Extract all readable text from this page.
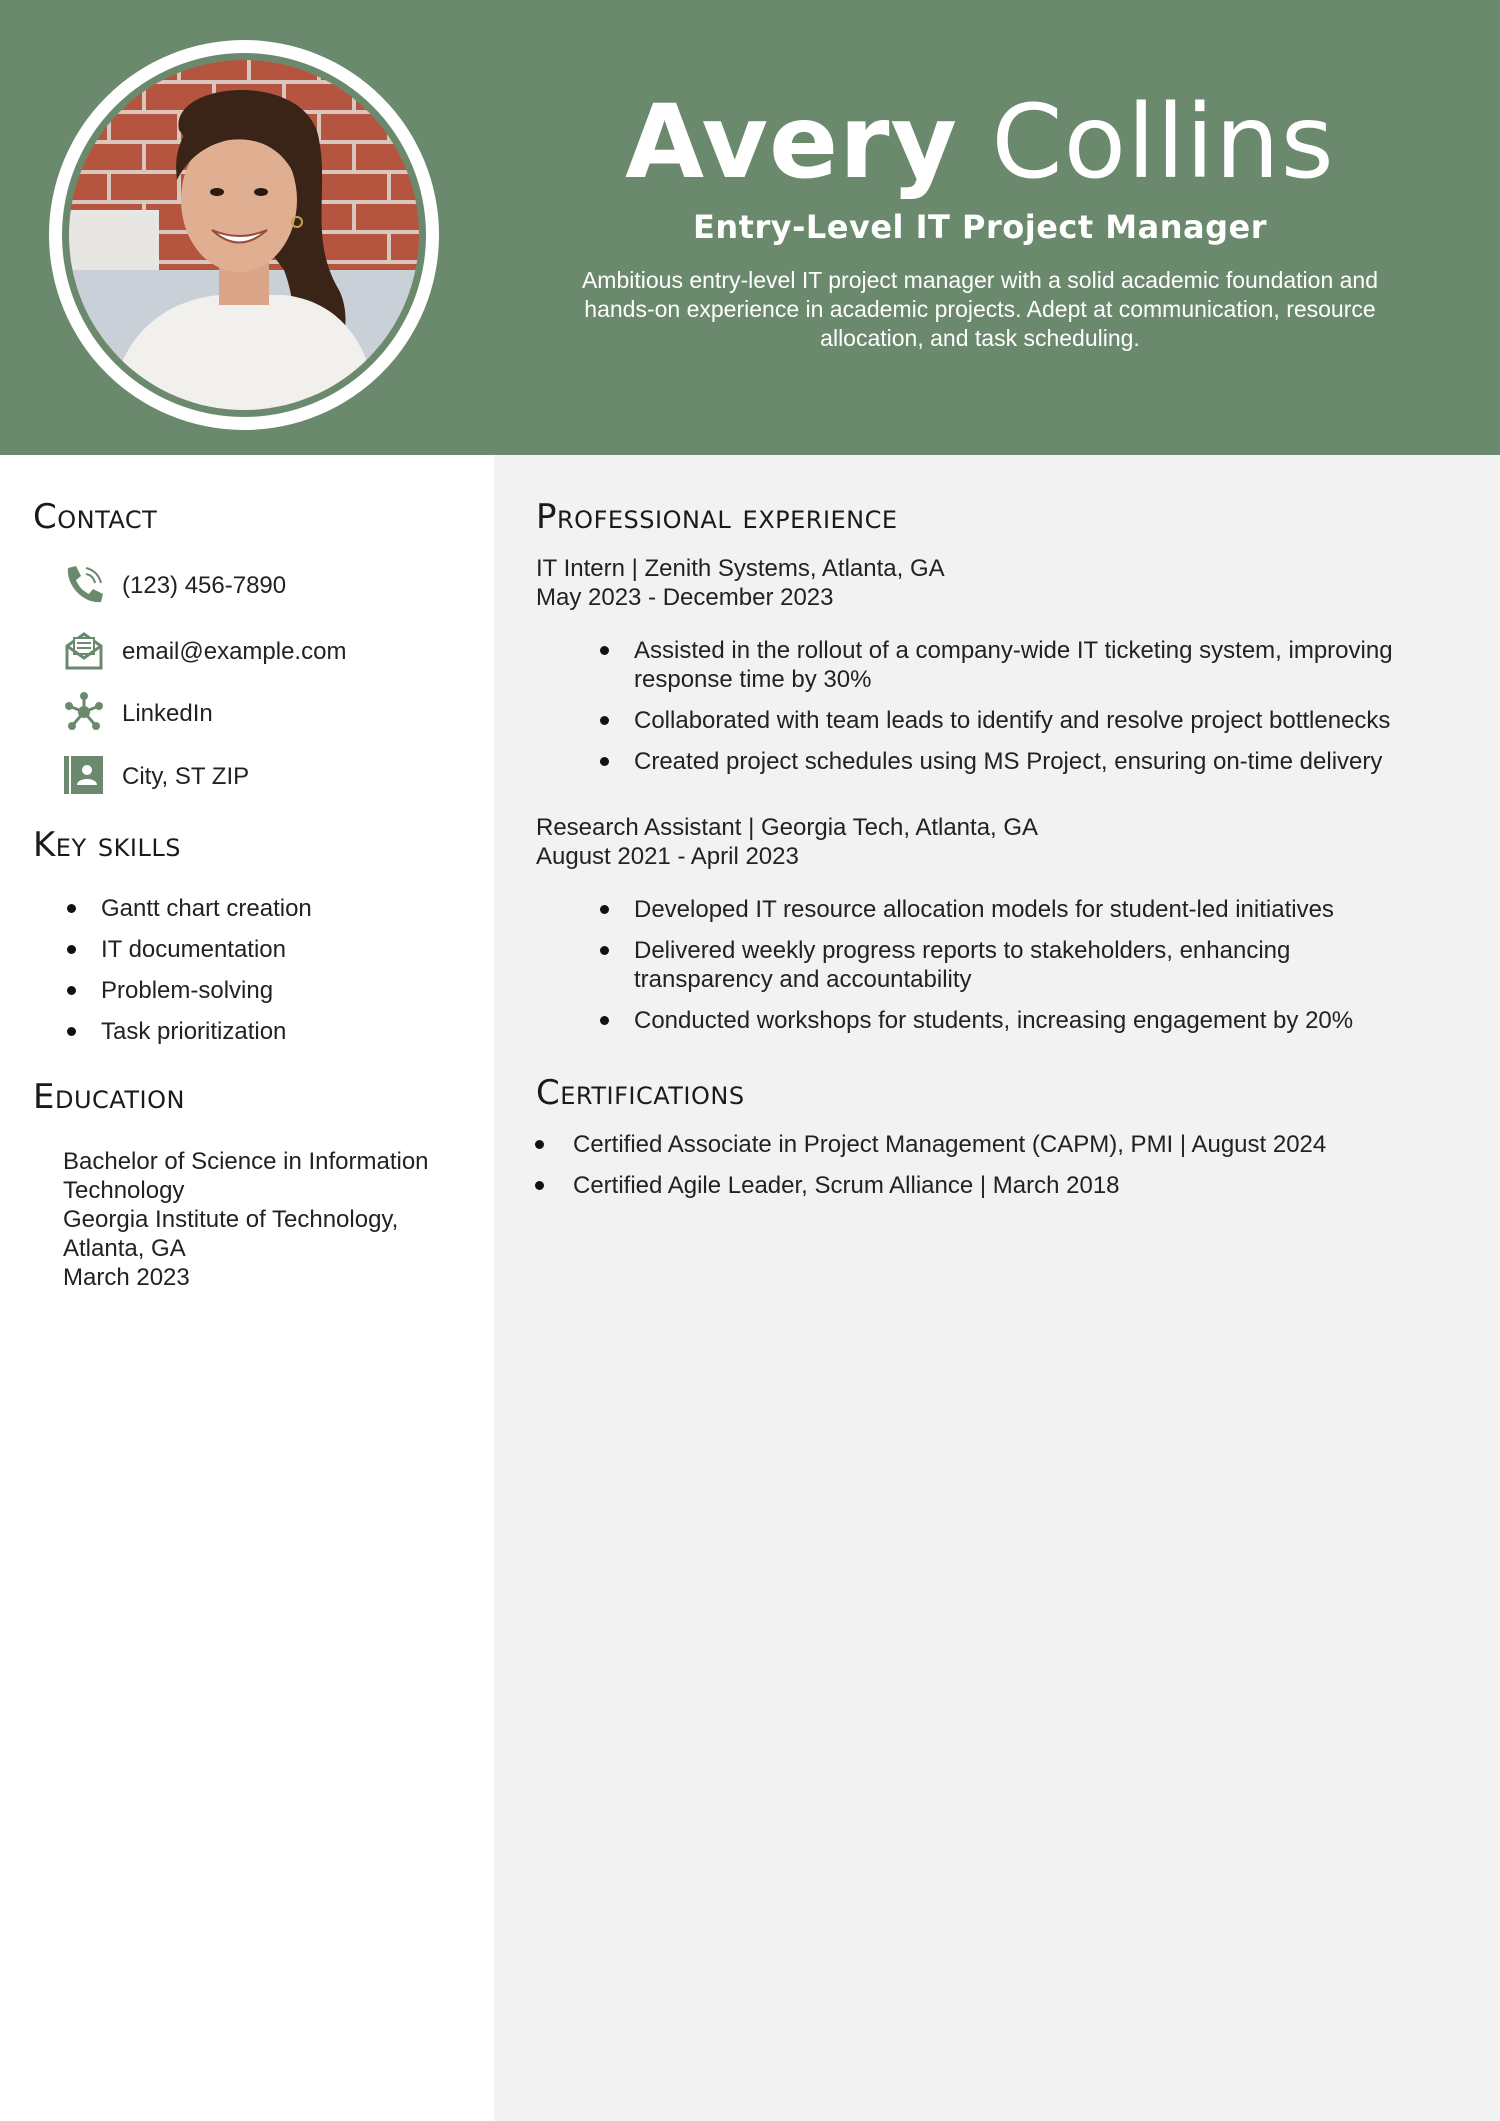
Avery Collins
Entry-Level IT Project Manager
Ambitious entry-level IT project manager with a solid academic foundation and hands-on experience in academic projects. Adept at communication, resource allocation, and task scheduling.
Contact
(123) 456-7890
email@example.com
LinkedIn
City, ST ZIP
Key skills
Gantt chart creation
IT documentation
Problem-solving
Task prioritization
Education
Bachelor of Science in Information Technology
Georgia Institute of Technology, Atlanta, GA
March 2023
Professional experience
IT Intern | Zenith Systems, Atlanta, GA
May 2023 - December 2023
Assisted in the rollout of a company-wide IT ticketing system, improving response time by 30%
Collaborated with team leads to identify and resolve project bottlenecks
Created project schedules using MS Project, ensuring on-time delivery
Research Assistant | Georgia Tech, Atlanta, GA
August 2021 - April 2023
Developed IT resource allocation models for student-led initiatives
Delivered weekly progress reports to stakeholders, enhancing transparency and accountability
Conducted workshops for students, increasing engagement by 20%
Certifications
Certified Associate in Project Management (CAPM), PMI | August 2024
Certified Agile Leader, Scrum Alliance | March 2018
